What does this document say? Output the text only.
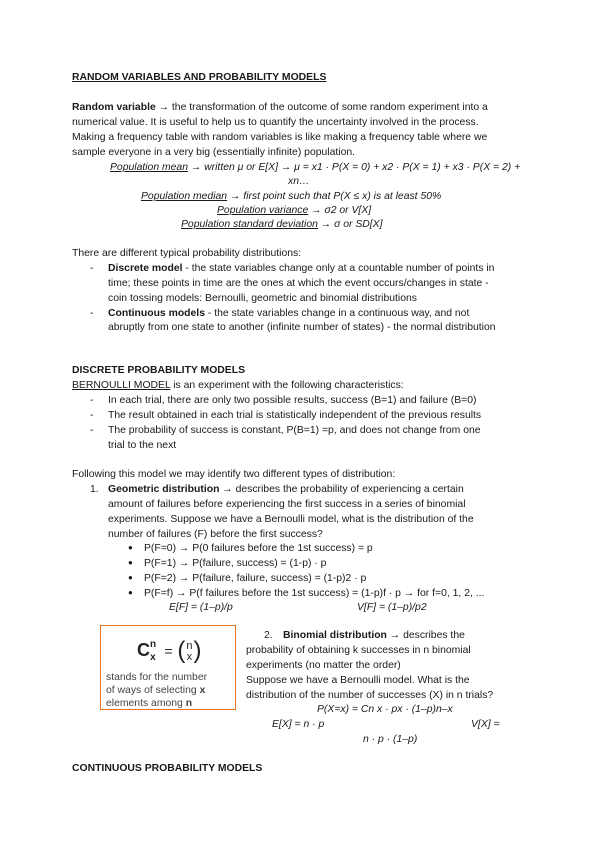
RANDOM VARIABLES AND PROBABILITY MODELS
Random variable → the transformation of the outcome of some random experiment into a
numerical value. It is useful to help us to quantify the uncertainty involved in the process.
Making a frequency table with random variables is like making a frequency table where we
sample everyone in a very big (essentially infinite) population.
Population mean → written μ or E[X] → μ = x1 · P(X = 0) + x2 · P(X = 1) + x3 · P(X = 2) +
xn…
Population median → first point such that P(X ≤ x) is at least 50%
Population variance → σ2 or V[X]
Population standard deviation → σ or SD[X]
There are different typical probability distributions:
- Discrete model - the state variables change only at a countable number of points in
time; these points in time are the ones at which the event occurs/changes in state -
coin tossing models: Bernoulli, geometric and binomial distributions
- Continuous models - the state variables change in a continuous way, and not
abruptly from one state to another (infinite number of states) - the normal distribution
DISCRETE PROBABILITY MODELS
BERNOULLI MODEL is an experiment with the following characteristics:
- In each trial, there are only two possible results, success (B=1) and failure (B=0)
- The result obtained in each trial is statistically independent of the previous results
- The probability of success is constant, P(B=1) =p, and does not change from one
trial to the next
Following this model we may identify two different types of distribution:
1. Geometric distribution → describes the probability of experiencing a certain
amount of failures before experiencing the first success in a series of binomial
experiments. Suppose we have a Bernoulli model, what is the distribution of the
number of failures (F) before the first success?
● P(F=0) → P(0 failures before the 1st success) = p
● P(F=1) → P(failure, success) = (1-p) · p
● P(F=2) → P(failure, failure, success) = (1-p)2 · p
● P(F=f) → P(f failures before the 1st success) = (1-p)f · p → for f=0, 1, 2, ...
E[F] = (1–p)/p	V[F] = (1–p)/p2
$C^n_x = (n$
x)
stands for the number
of ways of selecting x
elements among n
2. Binomial distribution → describes the
probability of obtaining k successes in n binomial
experiments (no matter the order)
Suppose we have a Bernoulli model. What is the
distribution of the number of successes (X) in n trials?
P(X=x) = Cn x · px · (1–p)n–x
E[X] = n · p	V[X] =
n · p · (1–p)
CONTINUOUS PROBABILITY MODELS
